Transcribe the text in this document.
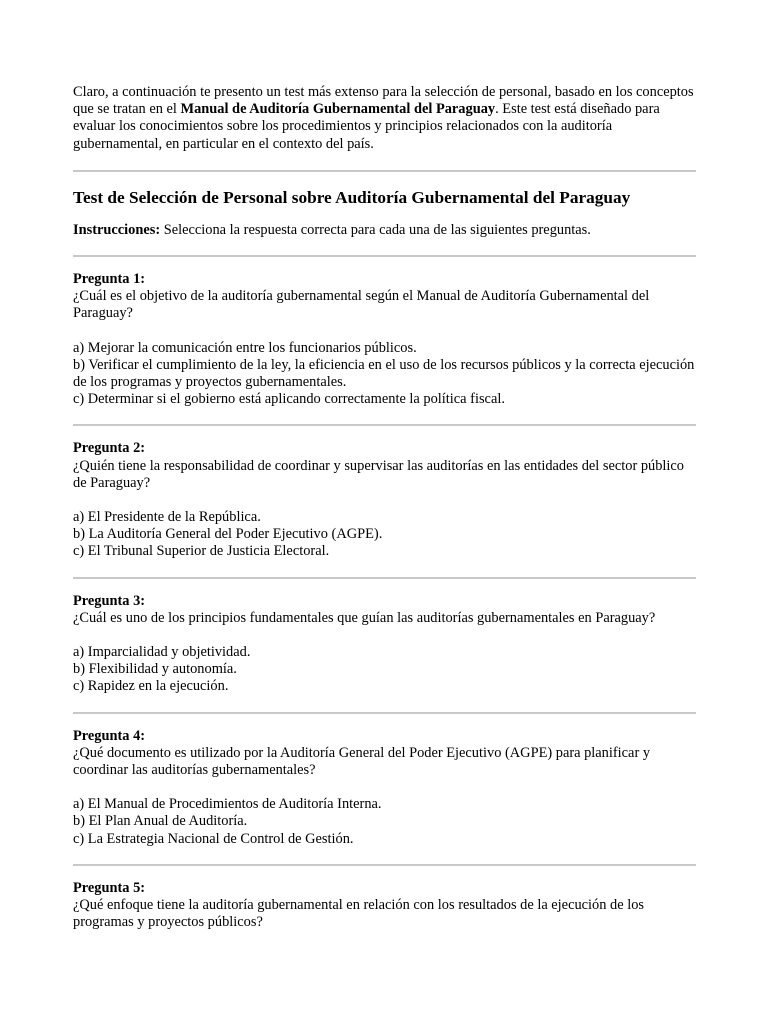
Claro, a continuación te presento un test más extenso para la selección de personal, basado en los conceptos que se tratan en el Manual de Auditoría Gubernamental del Paraguay. Este test está diseñado para evaluar los conocimientos sobre los procedimientos y principios relacionados con la auditoría gubernamental, en particular en el contexto del país.

Test de Selección de Personal sobre Auditoría Gubernamental del Paraguay

Instrucciones: Selecciona la respuesta correcta para cada una de las siguientes preguntas.

Pregunta 1:

¿Cuál es el objetivo de la auditoría gubernamental según el Manual de Auditoría Gubernamental del Paraguay?

a) Mejorar la comunicación entre los funcionarios públicos.

b) Verificar el cumplimiento de la ley, la eficiencia en el uso de los recursos públicos y la correcta ejecución de los programas y proyectos gubernamentales.

c) Determinar si el gobierno está aplicando correctamente la política fiscal.

Pregunta 2:

¿Quién tiene la responsabilidad de coordinar y supervisar las auditorías en las entidades del sector público de Paraguay?

a) El Presidente de la República.

b) La Auditoría General del Poder Ejecutivo (AGPE).

c) El Tribunal Superior de Justicia Electoral.

Pregunta 3:

¿Cuál es uno de los principios fundamentales que guían las auditorías gubernamentales en Paraguay?

a) Imparcialidad y objetividad.

b) Flexibilidad y autonomía.

c) Rapidez en la ejecución.

Pregunta 4:

¿Qué documento es utilizado por la Auditoría General del Poder Ejecutivo (AGPE) para planificar y coordinar las auditorías gubernamentales?

a) El Manual de Procedimientos de Auditoría Interna.

b) El Plan Anual de Auditoría.

c) La Estrategia Nacional de Control de Gestión.

Pregunta 5:

¿Qué enfoque tiene la auditoría gubernamental en relación con los resultados de la ejecución de los programas y proyectos públicos?
